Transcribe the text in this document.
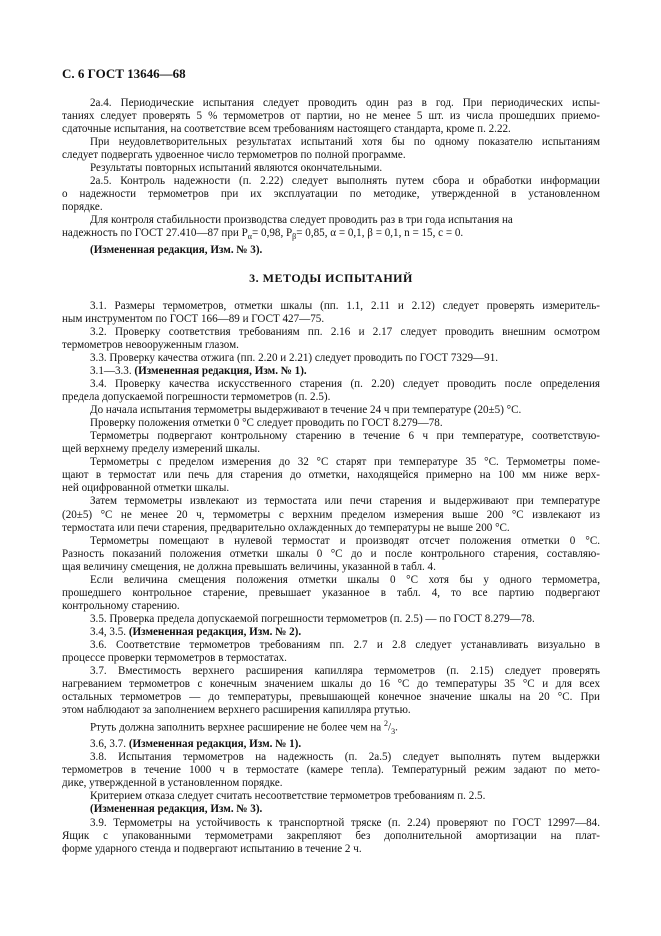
С. 6 ГОСТ 13646—68
2а.4. Периодические испытания следует проводить один раз в год. При периодических испы-
таниях следует проверять 5 % термометров от партии, но не менее 5 шт. из числа прошедших приемо-
сдаточные испытания, на соответствие всем требованиям настоящего стандарта, кроме п. 2.22.
При неудовлетворительных результатах испытаний хотя бы по одному показателю испытаниям
следует подвергать удвоенное число термометров по полной программе.
Результаты повторных испытаний являются окончательными.
2а.5. Контроль надежности (п. 2.22) следует выполнять путем сбора и обработки информации
о надежности термометров при их эксплуатации по методике, утвержденной в установленном
порядке.
Для контроля стабильности производства следует проводить раз в три года испытания на
надежность по ГОСТ 27.410—87 при $P_\alpha= 0,98$, $P_\beta= 0,85$, α = 0,1, β = 0,1, n = 15, c = 0.
(Измененная редакция, Изм. № 3).
3. МЕТОДЫ ИСПЫТАНИЙ
3.1. Размеры термометров, отметки шкалы (пп. 1.1, 2.11 и 2.12) следует проверять измеритель-
ным инструментом по ГОСТ 166—89 и ГОСТ 427—75.
3.2. Проверку соответствия требованиям пп. 2.16 и 2.17 следует проводить внешним осмотром
термометров невооруженным глазом.
3.3. Проверку качества отжига (пп. 2.20 и 2.21) следует проводить по ГОСТ 7329—91.
3.1—3.3. (Измененная редакция, Изм. № 1).
3.4. Проверку качества искусственного старения (п. 2.20) следует проводить после определения
предела допускаемой погрешности термометров (п. 2.5).
До начала испытания термометры выдерживают в течение 24 ч при температуре (20±5) °С.
Проверку положения отметки 0 °С следует проводить по ГОСТ 8.279—78.
Термометры подвергают контрольному старению в течение 6 ч при температуре, соответствую-
щей верхнему пределу измерений шкалы.
Термометры с пределом измерения до 32 °С старят при температуре 35 °С. Термометры поме-
щают в термостат или печь для старения до отметки, находящейся примерно на 100 мм ниже верх-
ней оцифрованной отметки шкалы.
Затем термометры извлекают из термостата или печи старения и выдерживают при температуре
(20±5) °С не менее 20 ч, термометры с верхним пределом измерения выше 200 °С извлекают из
термостата или печи старения, предварительно охлажденных до температуры не выше 200 °С.
Термометры помещают в нулевой термостат и производят отсчет положения отметки 0 °С.
Разность показаний положения отметки шкалы 0 °С до и после контрольного старения, составляю-
щая величину смещения, не должна превышать величины, указанной в табл. 4.
Если величина смещения положения отметки шкалы 0 °С хотя бы у одного термометра,
прошедшего контрольное старение, превышает указанное в табл. 4, то все партию подвергают
контрольному старению.
3.5. Проверка предела допускаемой погрешности термометров (п. 2.5) — по ГОСТ 8.279—78.
3.4, 3.5. (Измененная редакция, Изм. № 2).
3.6. Соответствие термометров требованиям пп. 2.7 и 2.8 следует устанавливать визуально в
процессе проверки термометров в термостатах.
3.7. Вместимость верхнего расширения капилляра термометров (п. 2.15) следует проверять
нагреванием термометров с конечным значением шкалы до 16 °С до температуры 35 °С и для всех
остальных термометров — до температуры, превышающей конечное значение шкалы на 20 °С. При
этом наблюдают за заполнением верхнего расширения капилляра ртутью.
Ртуть должна заполнить верхнее расширение не более чем на $^2/_3$.
3.6, 3.7. (Измененная редакция, Изм. № 1).
3.8. Испытания термометров на надежность (п. 2а.5) следует выполнять путем выдержки
термометров в течение 1000 ч в термостате (камере тепла). Температурный режим задают по мето-
дике, утвержденной в установленном порядке.
Критерием отказа следует считать несоответствие термометров требованиям п. 2.5.
(Измененная редакция, Изм. № 3).
3.9. Термометры на устойчивость к транспортной тряске (п. 2.24) проверяют по ГОСТ 12997—84.
Ящик с упакованными термометрами закрепляют без дополнительной амортизации на плат-
форме ударного стенда и подвергают испытанию в течение 2 ч.
